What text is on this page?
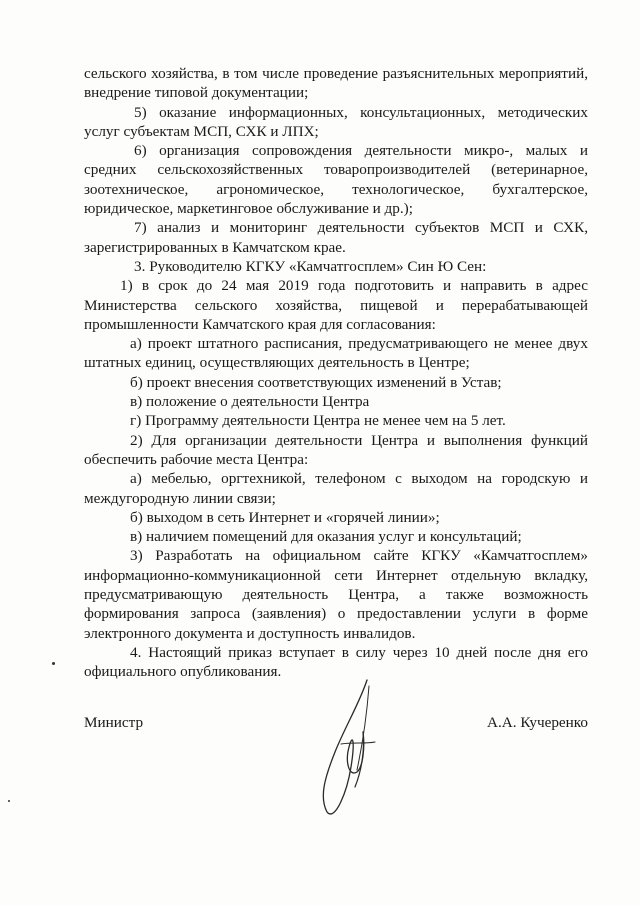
сельского хозяйства, в том числе проведение разъяснительных мероприятий, внедрение типовой документации;

5) оказание информационных, консультационных, методических услуг субъектам МСП, СХК и ЛПХ;

6) организация сопровождения деятельности микро-, малых и средних сельскохозяйственных товаропроизводителей (ветеринарное, зоотехническое, агрономическое, технологическое, бухгалтерское, юридическое, маркетинговое обслуживание и др.);

7) анализ и мониторинг деятельности субъектов МСП и СХК, зарегистрированных в Камчатском крае.

3. Руководителю КГКУ «Камчатгосплем» Син Ю Сен:

1) в срок до 24 мая 2019 года подготовить и направить в адрес Министерства сельского хозяйства, пищевой и перерабатывающей промышленности Камчатского края для согласования:

а) проект штатного расписания, предусматривающего не менее двух штатных единиц, осуществляющих деятельность в Центре;

б) проект внесения соответствующих изменений в Устав;

в) положение о деятельности Центра

г) Программу деятельности Центра не менее чем на 5 лет.

2) Для организации деятельности Центра и выполнения функций обеспечить рабочие места Центра:

а) мебелью, оргтехникой, телефоном с выходом на городскую и междугородную линии связи;

б) выходом в сеть Интернет и «горячей линии»;

в) наличием помещений для оказания услуг и консультаций;

3) Разработать на официальном сайте КГКУ «Камчатгосплем» информационно-коммуникационной сети Интернет отдельную вкладку, предусматривающую деятельность Центра, а также возможность формирования запроса (заявления) о предоставлении услуги в форме электронного документа и доступность инвалидов.

4. Настоящий приказ вступает в силу через 10 дней после дня его официального опубликования.

Министр	А.А. Кучеренко
